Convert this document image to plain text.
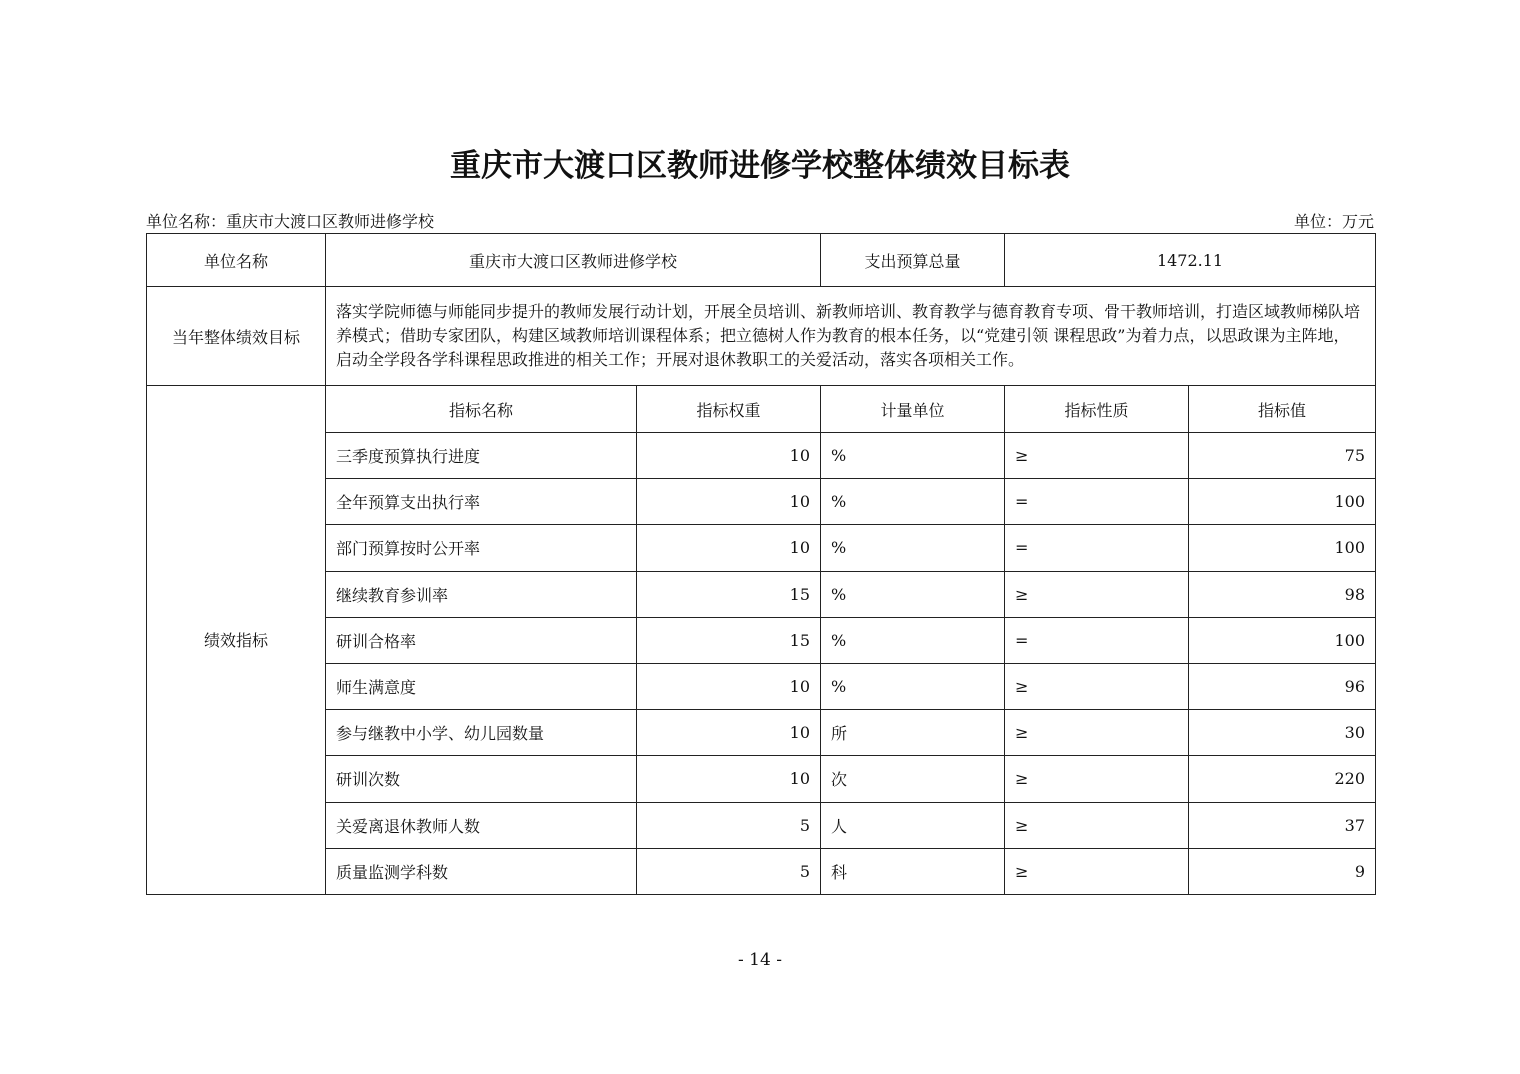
重庆市大渡口区教师进修学校整体绩效目标表
单位名称：重庆市大渡口区教师进修学校	单位：万元
单位名称	重庆市大渡口区教师进修学校		支出预算总量	1472.11	
当年整体绩效目标	落实学院师德与师能同步提升的教师发展行动计划，开展全员培训、新教师培训、教育教学与德育教育专项、骨干教师培训，打造区域教师梯队培养模式；借助专家团队，构建区域教师培训课程体系；把立德树人作为教育的根本任务，以“党建引领 课程思政”为着力点，以思政课为主阵地，启动全学段各学科课程思政推进的相关工作；开展对退休教职工的关爱活动，落实各项相关工作。				
绩效指标	指标名称	指标权重	计量单位	指标性质	指标值
	三季度预算执行进度	10	%	≥	75
	全年预算支出执行率	10	%	=	100
	部门预算按时公开率	10	%	=	100
	继续教育参训率	15	%	≥	98
	研训合格率	15	%	=	100
	师生满意度	10	%	≥	96
	参与继教中小学、幼儿园数量	10	所	≥	30
	研训次数	10	次	≥	220
	关爱离退休教师人数	5	人	≥	37
	质量监测学科数	5	科	≥	9
- 14 -
